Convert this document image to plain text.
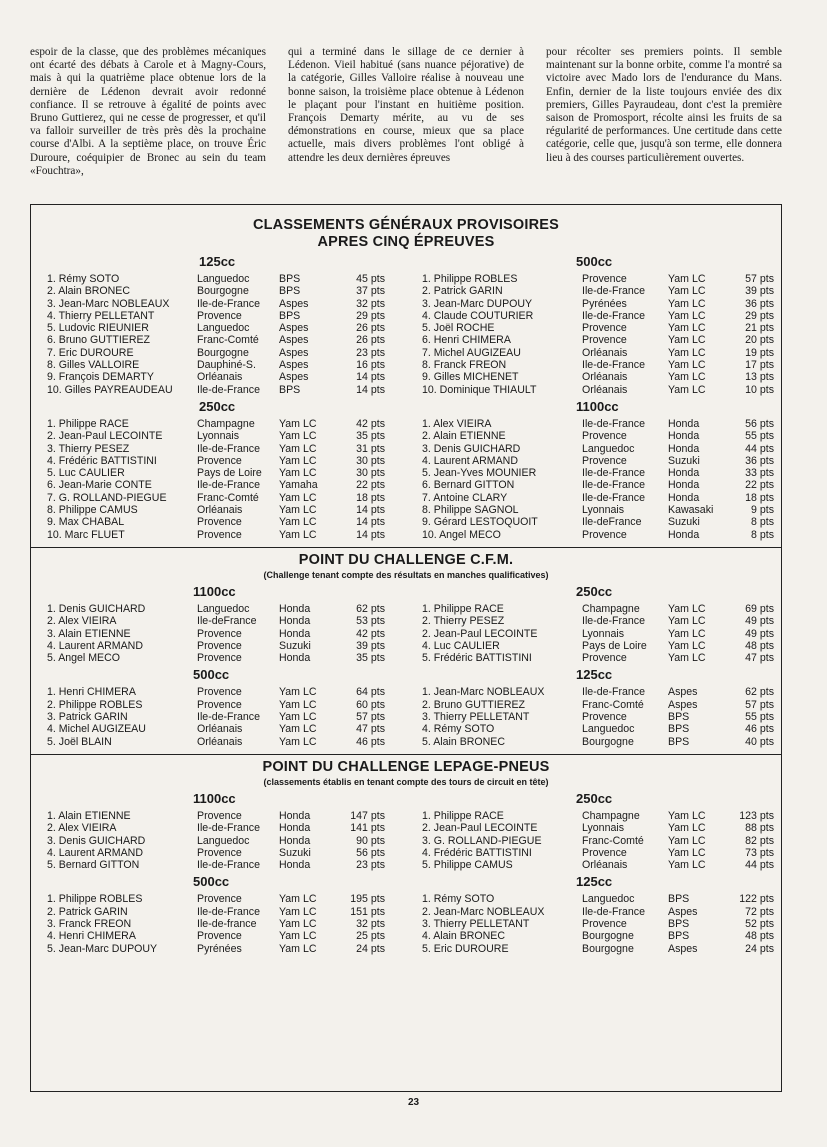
espoir de la classe, que des problèmes mécaniques ont écarté des débats à Carole et à Magny-Cours, mais à qui la quatrième place obtenue lors de la dernière de Lédenon devrait avoir redonné confiance. Il se retrouve à égalité de points avec Bruno Guttierez, qui ne cesse de progresser, et qu'il va falloir surveiller de très près dès la prochaine course d'Albi. A la septième place, on trouve Éric Duroure, coéquipier de Bronec au sein du team «Fouchtra»,

qui a terminé dans le sillage de ce dernier à Lédenon. Vieil habitué (sans nuance péjorative) de la catégorie, Gilles Valloire réalise à nouveau une bonne saison, la troisième place obtenue à Lédenon le plaçant pour l'instant en huitième position. François Demarty mérite, au vu de ses démonstrations en course, mieux que sa place actuelle, mais divers problèmes l'ont obligé à attendre les deux dernières épreuves

pour récolter ses premiers points. Il semble maintenant sur la bonne orbite, comme l'a montré sa victoire avec Mado lors de l'endurance du Mans. Enfin, dernier de la liste toujours enviée des dix premiers, Gilles Payraudeau, dont c'est la première saison de Promosport, récolte ainsi les fruits de sa régularité de performances. Une certitude dans cette catégorie, celle que, jusqu'à son terme, elle donnera lieu à des courses particulièrement ouvertes.

CLASSEMENTS GÉNÉRAUX PROVISOIRES
APRES CINQ ÉPREUVES
125cc
1. Rémy SOTO	Languedoc	BPS	45 pts
2. Alain BRONEC	Bourgogne	BPS	37 pts
3. Jean-Marc NOBLEAUX	Ile-de-France	Aspes	32 pts
4. Thierry PELLETANT	Provence	BPS	29 pts
5. Ludovic RIEUNIER	Languedoc	Aspes	26 pts
6. Bruno GUTTIEREZ	Franc-Comté	Aspes	26 pts
7. Eric DUROURE	Bourgogne	Aspes	23 pts
8. Gilles VALLOIRE	Dauphiné-S.	Aspes	16 pts
9. François DEMARTY	Orléanais	Aspes	14 pts
10. Gilles PAYREAUDEAU	Ile-de-France	BPS	14 pts
500cc
1. Philippe ROBLES	Provence	Yam LC	57 pts
2. Patrick GARIN	Ile-de-France	Yam LC	39 pts
3. Jean-Marc DUPOUY	Pyrénées	Yam LC	36 pts
4. Claude COUTURIER	Ile-de-France	Yam LC	29 pts
5. Joël ROCHE	Provence	Yam LC	21 pts
6. Henri CHIMERA	Provence	Yam LC	20 pts
7. Michel AUGIZEAU	Orléanais	Yam LC	19 pts
8. Franck FREON	Ile-de-France	Yam LC	17 pts
9. Gilles MICHENET	Orléanais	Yam LC	13 pts
10. Dominique THIAULT	Orléanais	Yam LC	10 pts
250cc
1. Philippe RACE	Champagne	Yam LC	42 pts
2. Jean-Paul LECOINTE	Lyonnais	Yam LC	35 pts
3. Thierry PESEZ	Ile-de-France	Yam LC	31 pts
4. Frédéric BATTISTINI	Provence	Yam LC	30 pts
5. Luc CAULIER	Pays de Loire	Yam LC	30 pts
6. Jean-Marie CONTE	Ile-de-France	Yamaha	22 pts
7. G. ROLLAND-PIEGUE	Franc-Comté	Yam LC	18 pts
8. Philippe CAMUS	Orléanais	Yam LC	14 pts
9. Max CHABAL	Provence	Yam LC	14 pts
10. Marc FLUET	Provence	Yam LC	14 pts
1100cc
1. Alex VIEIRA	Ile-de-France	Honda	56 pts
2. Alain ETIENNE	Provence	Honda	55 pts
3. Denis GUICHARD	Languedoc	Honda	44 pts
4. Laurent ARMAND	Provence	Suzuki	36 pts
5. Jean-Yves MOUNIER	Ile-de-France	Honda	33 pts
6. Bernard GITTON	Ile-de-France	Honda	22 pts
7. Antoine CLARY	Ile-de-France	Honda	18 pts
8. Philippe SAGNOL	Lyonnais	Kawasaki	9 pts
9. Gérard LESTOQUOIT	Ile-deFrance	Suzuki	8 pts
10. Angel MECO	Provence	Honda	8 pts
POINT DU CHALLENGE C.F.M.
(Challenge tenant compte des résultats en manches qualificatives)
1100cc
1. Denis GUICHARD	Languedoc	Honda	62 pts
2. Alex VIEIRA	Ile-deFrance	Honda	53 pts
3. Alain ETIENNE	Provence	Honda	42 pts
4. Laurent ARMAND	Provence	Suzuki	39 pts
5. Angel MECO	Provence	Honda	35 pts
250cc
1. Philippe RACE	Champagne	Yam LC	69 pts
2. Thierry PESEZ	Ile-de-France	Yam LC	49 pts
2. Jean-Paul LECOINTE	Lyonnais	Yam LC	49 pts
4. Luc CAULIER	Pays de Loire	Yam LC	48 pts
5. Frédéric BATTISTINI	Provence	Yam LC	47 pts
500cc
1. Henri CHIMERA	Provence	Yam LC	64 pts
2. Philippe ROBLES	Provence	Yam LC	60 pts
3. Patrick GARIN	Ile-de-France	Yam LC	57 pts
4. Michel AUGIZEAU	Orléanais	Yam LC	47 pts
5. Joël BLAIN	Orléanais	Yam LC	46 pts
125cc
1. Jean-Marc NOBLEAUX	Ile-de-France	Aspes	62 pts
2. Bruno GUTTIEREZ	Franc-Comté	Aspes	57 pts
3. Thierry PELLETANT	Provence	BPS	55 pts
4. Rémy SOTO	Languedoc	BPS	46 pts
5. Alain BRONEC	Bourgogne	BPS	40 pts
POINT DU CHALLENGE LEPAGE-PNEUS
(classements établis en tenant compte des tours de circuit en tête)
1100cc
1. Alain ETIENNE	Provence	Honda	147 pts
2. Alex VIEIRA	Ile-de-France	Honda	141 pts
3. Denis GUICHARD	Languedoc	Honda	90 pts
4. Laurent ARMAND	Provence	Suzuki	56 pts
5. Bernard GITTON	Ile-de-France	Honda	23 pts
250cc
1. Philippe RACE	Champagne	Yam LC	123 pts
2. Jean-Paul LECOINTE	Lyonnais	Yam LC	88 pts
3. G. ROLLAND-PIEGUE	Franc-Comté	Yam LC	82 pts
4. Frédéric BATTISTINI	Provence	Yam LC	73 pts
5. Philippe CAMUS	Orléanais	Yam LC	44 pts
500cc
1. Philippe ROBLES	Provence	Yam LC	195 pts
2. Patrick GARIN	Ile-de-France	Yam LC	151 pts
3. Franck FREON	Ile-de-france	Yam LC	32 pts
4. Henri CHIMERA	Provence	Yam LC	25 pts
5. Jean-Marc DUPOUY	Pyrénées	Yam LC	24 pts
125cc
1. Rémy SOTO	Languedoc	BPS	122 pts
2. Jean-Marc NOBLEAUX	Ile-de-France	Aspes	72 pts
3. Thierry PELLETANT	Provence	BPS	52 pts
4. Alain BRONEC	Bourgogne	BPS	48 pts
5. Eric DUROURE	Bourgogne	Aspes	24 pts
23
